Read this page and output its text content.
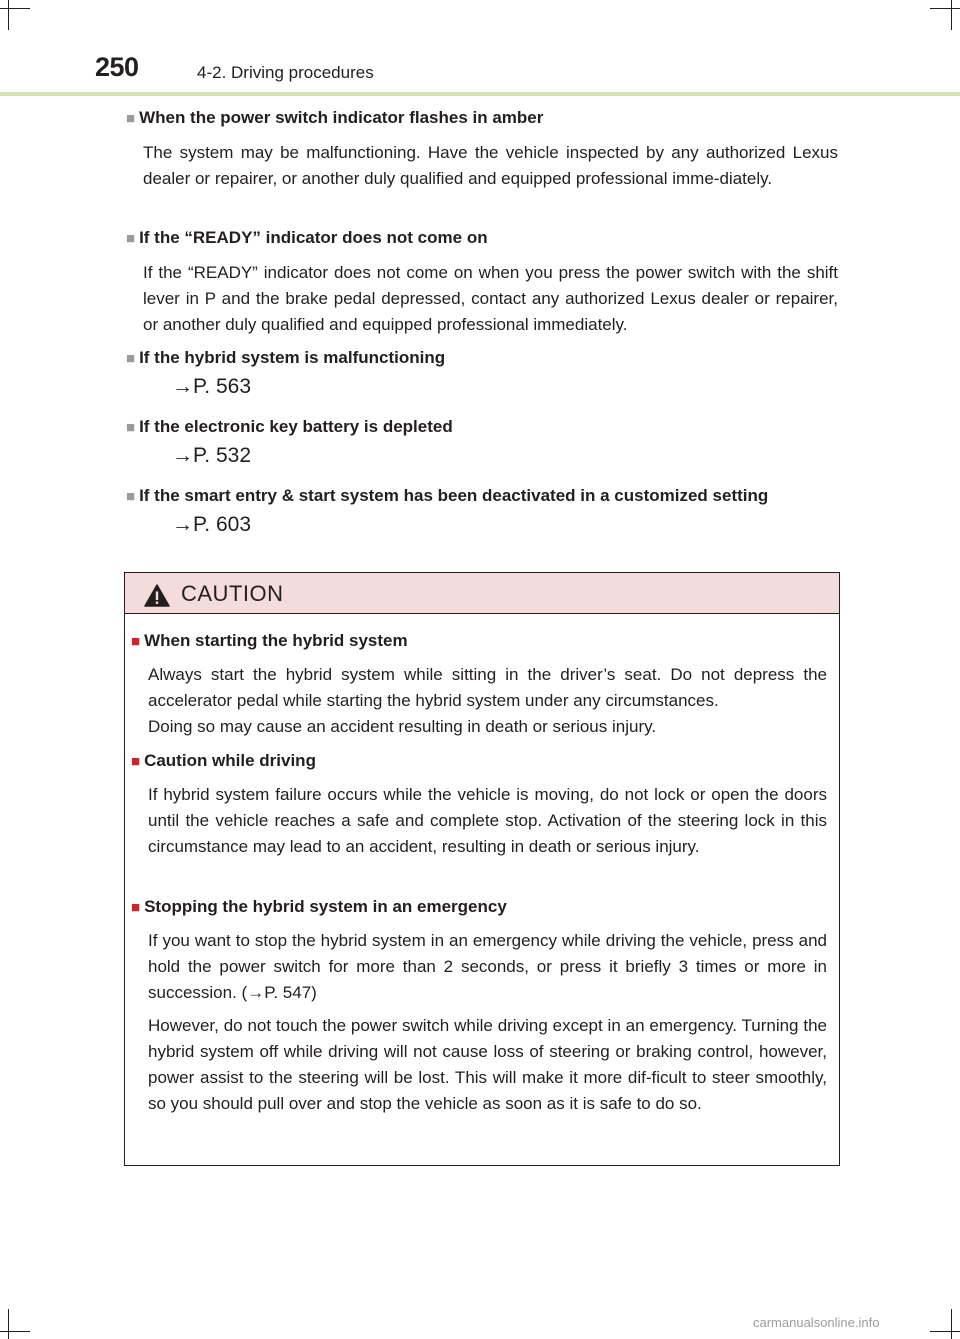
250	4-2. Driving procedures
■ When the power switch indicator flashes in amber
The system may be malfunctioning. Have the vehicle inspected by any authorized Lexus dealer or repairer, or another duly qualified and equipped professional imme-diately.
■ If the “READY” indicator does not come on
If the “READY” indicator does not come on when you press the power switch with the shift lever in P and the brake pedal depressed, contact any authorized Lexus dealer or repairer, or another duly qualified and equipped professional immediately.
■ If the hybrid system is malfunctioning
→P. 563
■ If the electronic key battery is depleted
→P. 532
■ If the smart entry & start system has been deactivated in a customized setting
→P. 603
CAUTION
■ When starting the hybrid system
Always start the hybrid system while sitting in the driver’s seat. Do not depress the accelerator pedal while starting the hybrid system under any circumstances.
Doing so may cause an accident resulting in death or serious injury.
■ Caution while driving
If hybrid system failure occurs while the vehicle is moving, do not lock or open the doors until the vehicle reaches a safe and complete stop. Activation of the steering lock in this circumstance may lead to an accident, resulting in death or serious injury.
■ Stopping the hybrid system in an emergency
If you want to stop the hybrid system in an emergency while driving the vehicle, press and hold the power switch for more than 2 seconds, or press it briefly 3 times or more in succession. (→P. 547)
However, do not touch the power switch while driving except in an emergency. Turning the hybrid system off while driving will not cause loss of steering or braking control, however, power assist to the steering will be lost. This will make it more dif-ficult to steer smoothly, so you should pull over and stop the vehicle as soon as it is safe to do so.
carmanualsonline.info
